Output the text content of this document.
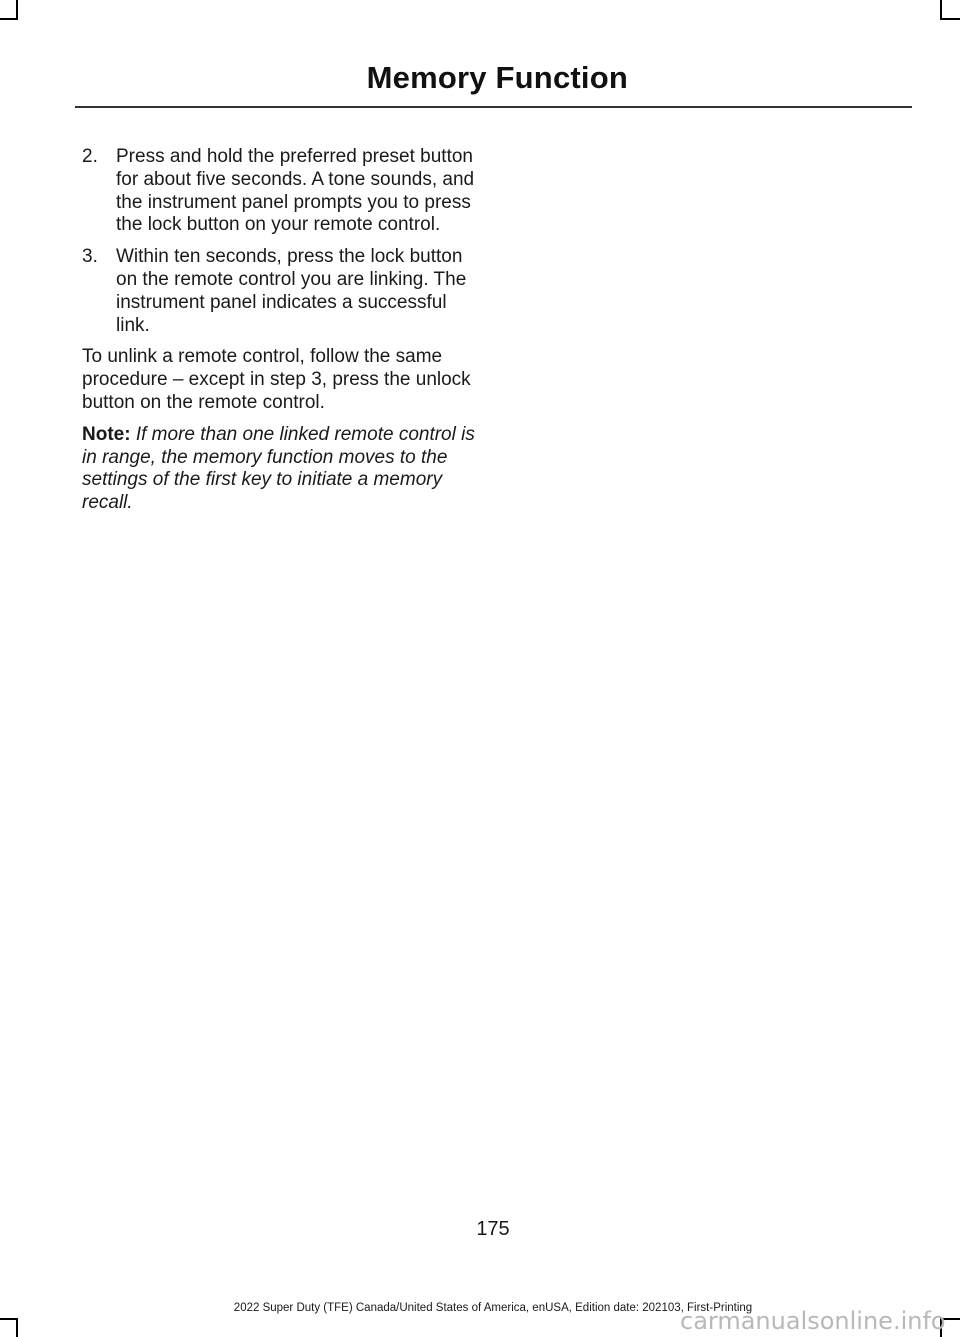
Memory Function
2. Press and hold the preferred preset button for about five seconds. A tone sounds, and the instrument panel prompts you to press the lock button on your remote control.
3. Within ten seconds, press the lock button on the remote control you are linking. The instrument panel indicates a successful link.

To unlink a remote control, follow the same procedure – except in step 3, press the unlock button on the remote control.

Note: If more than one linked remote control is in range, the memory function moves to the settings of the first key to initiate a memory recall.

175
2022 Super Duty (TFE) Canada/United States of America, enUSA, Edition date: 202103, First-Printing
carmanualsonline.info
